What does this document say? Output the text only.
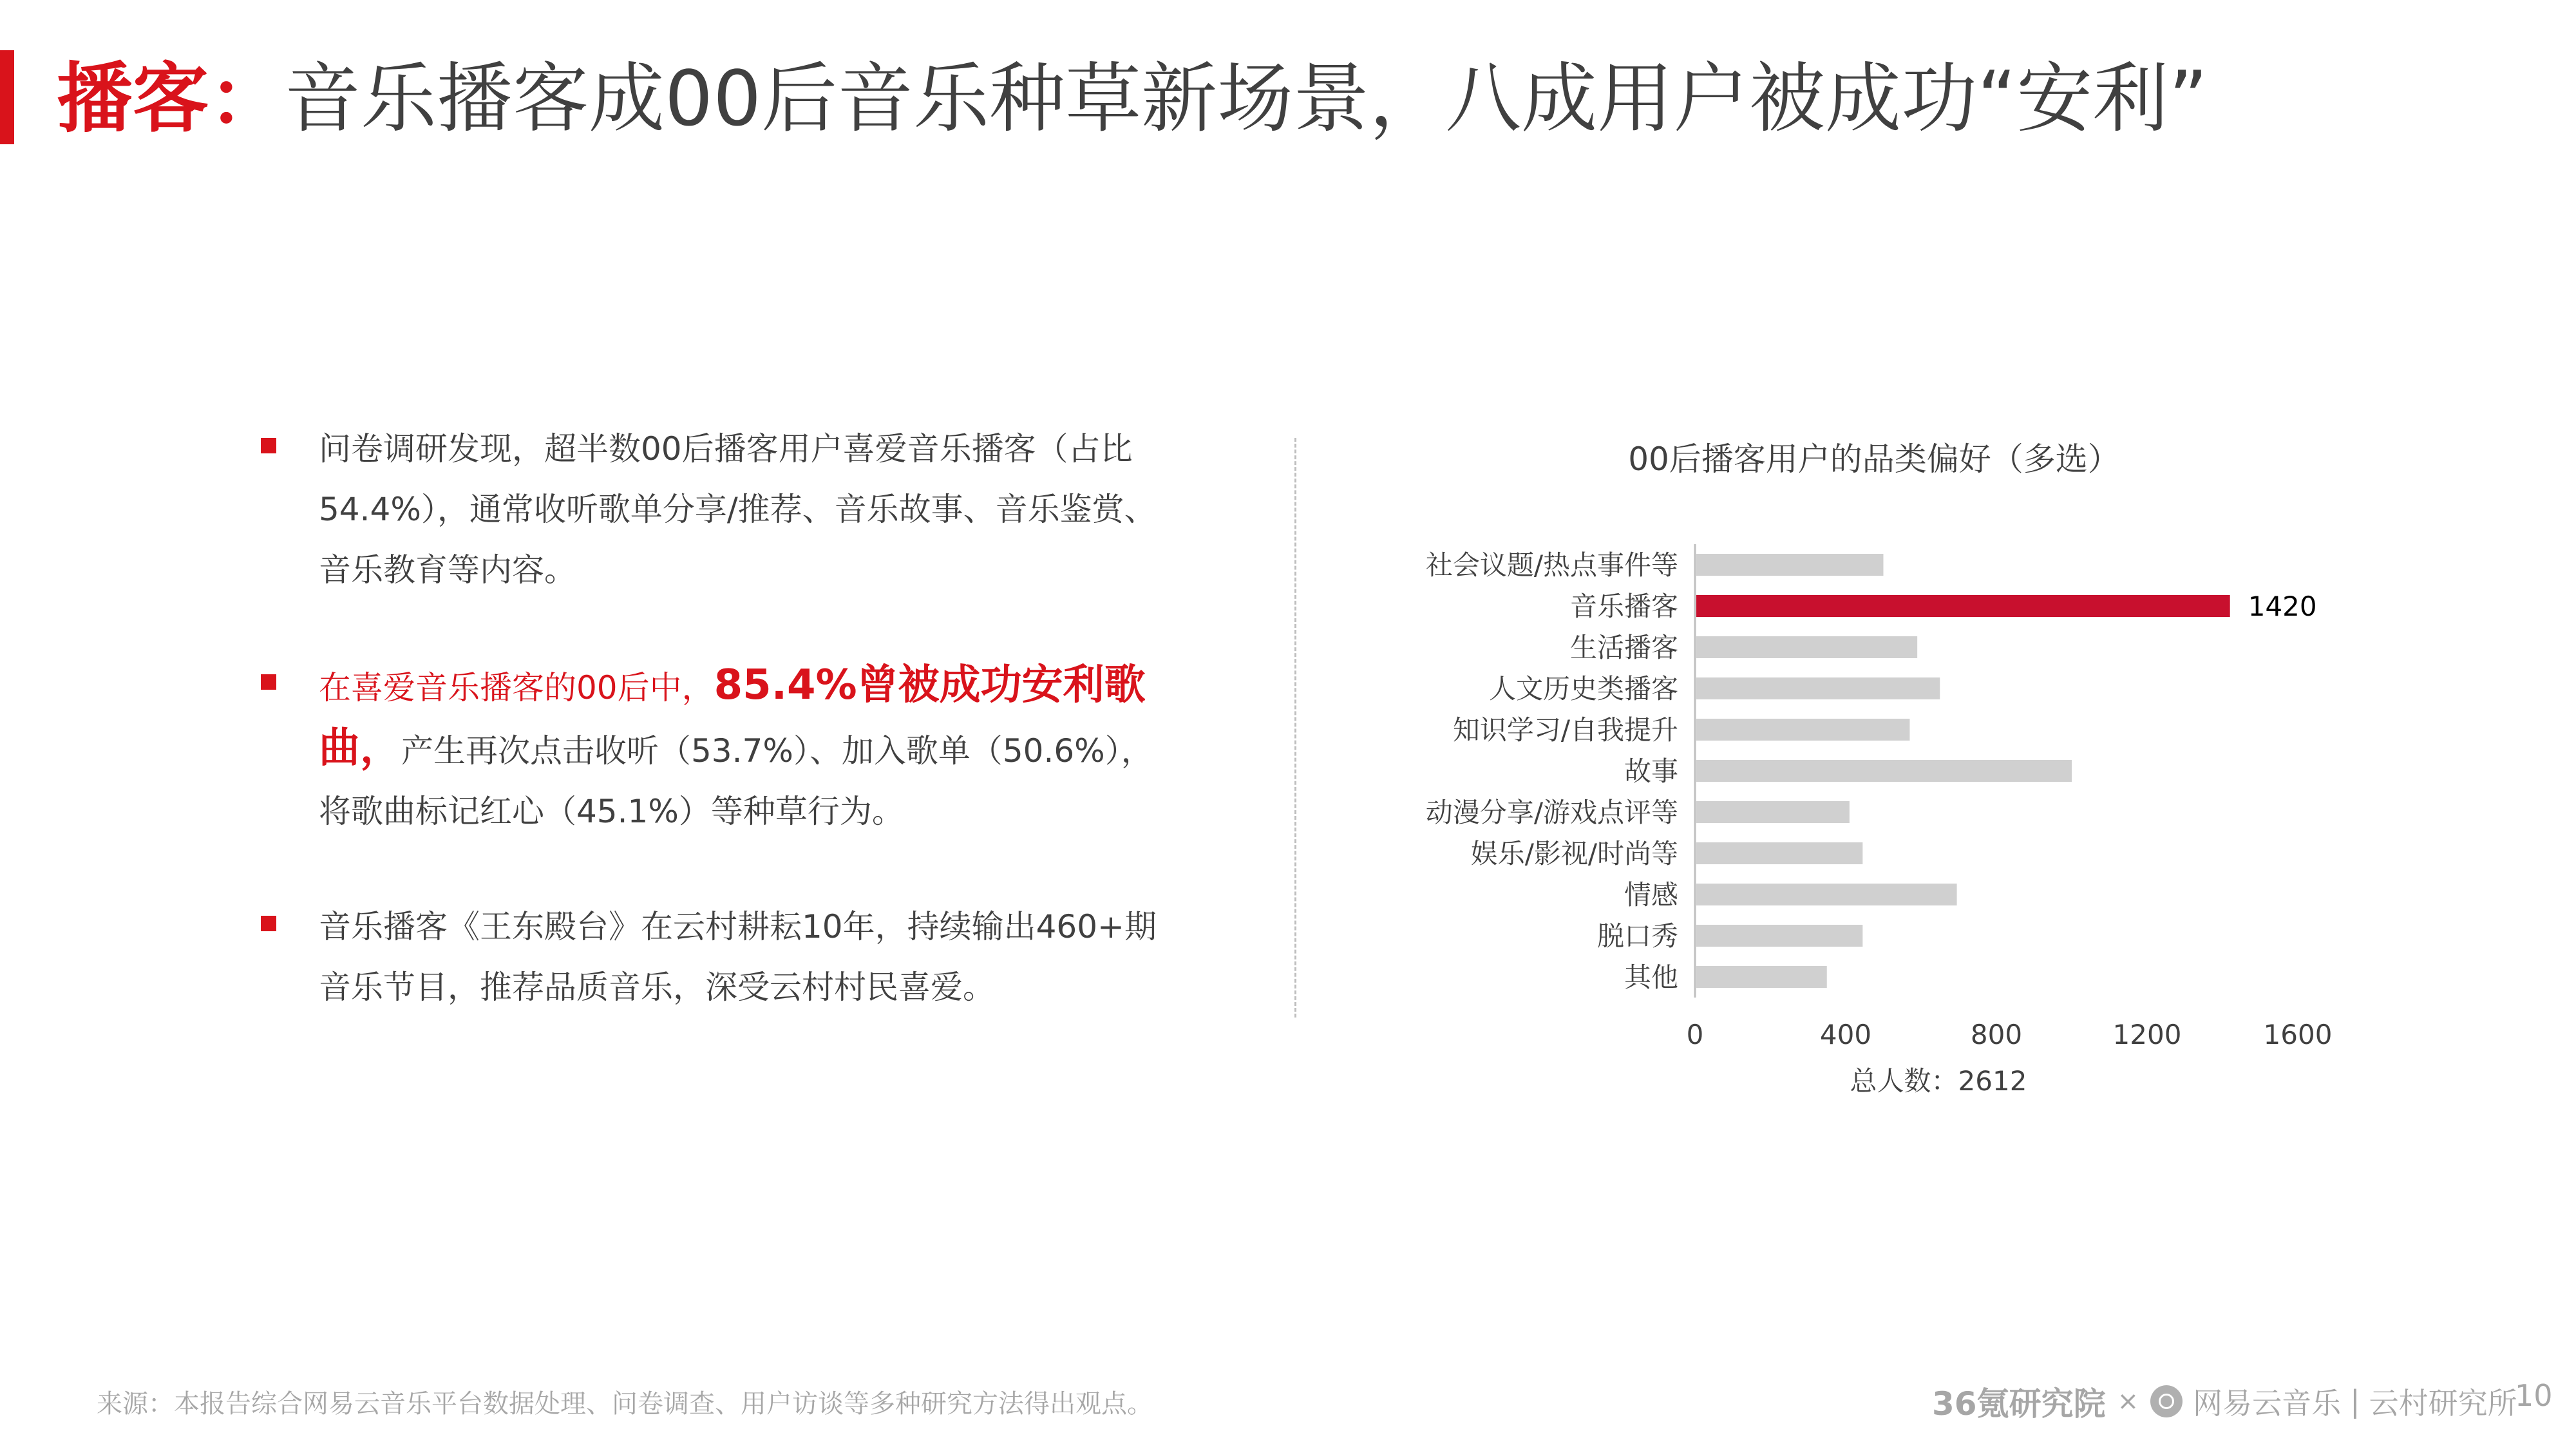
播客：音乐播客成00后音乐种草新场景，八成用户被成功“安利”
问卷调研发现，超半数00后播客用户喜爱音乐播客（占比54.4%），通常收听歌单分享/推荐、音乐故事、音乐鉴赏、音乐教育等内容。
在喜爱音乐播客的00后中，85.4%曾被成功安利歌曲，产生再次点击收听（53.7%）、加入歌单（50.6%），将歌曲标记红心（45.1%）等种草行为。
音乐播客《王东殿台》在云村耕耘10年，持续输出460+期音乐节目，推荐品质音乐，深受云村村民喜爱。
00后播客用户的品类偏好（多选）
社会议题/热点事件等
音乐播客
生活播客
人文历史类播客
知识学习/自我提升
故事
动漫分享/游戏点评等
娱乐/影视/时尚等
情感
脱口秀
其他
0	400	800	1200	1600
1420
总人数：2612
来源：本报告综合网易云音乐平台数据处理、问卷调查、用户访谈等多种研究方法得出观点。	36氪研究院 × 网易云音乐 | 云村研究所
10
